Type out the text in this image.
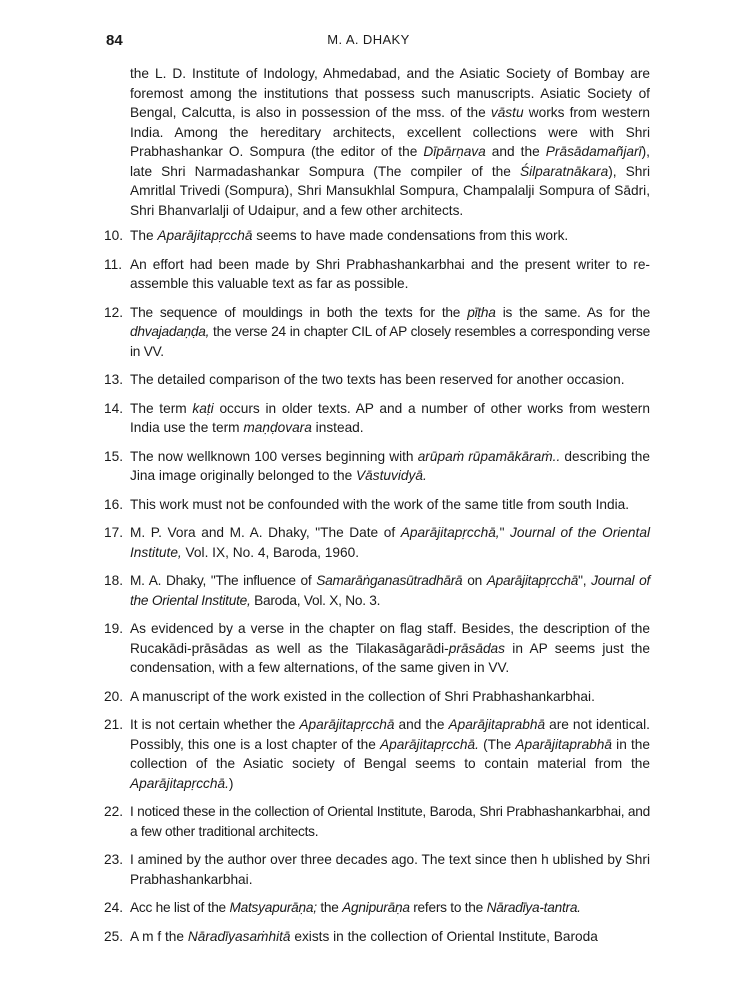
84	M. A. DHAKY

the L. D. Institute of Indology, Ahmedabad, and the Asiatic Society of Bombay are foremost among the institutions that possess such manuscripts. Asiatic Society of Bengal, Calcutta, is also in possession of the mss. of the vāstu works from western India. Among the hereditary architects, excellent collections were with Shri Prabhashankar O. Sompura (the editor of the Dīpārṇava and the Prāsādamañjarī), late Shri Narmadashankar Sompura (The compiler of the Śilparatnākara), Shri Amritlal Trivedi (Sompura), Shri Mansukhlal Sompura, Champalalji Sompura of Sādri, Shri Bhanvarlalji of Udaipur, and a few other architects.

10. The Aparājitapṛcchā seems to have made condensations from this work.
11. An effort had been made by Shri Prabhashankarbhai and the present writer to re-assemble this valuable text as far as possible.
12. The sequence of mouldings in both the texts for the pīṭha is the same. As for the dhvajadaṇḍa, the verse 24 in chapter CIL of AP closely resembles a corresponding verse in VV.
13. The detailed comparison of the two texts has been reserved for another occasion.
14. The term kaṭi occurs in older texts. AP and a number of other works from western India use the term maṇḍovara instead.
15. The now wellknown 100 verses beginning with arūpaṁ rūpamākāraṁ.. describing the Jina image originally belonged to the Vāstuvidyā.
16. This work must not be confounded with the work of the same title from south India.
17. M. P. Vora and M. A. Dhaky, "The Date of Aparājitapṛcchā," Journal of the Oriental Institute, Vol. IX, No. 4, Baroda, 1960.
18. M. A. Dhaky, "The influence of Samarāṅganasūtradhārā on Aparājitapṛcchā", Journal of the Oriental Institute, Baroda, Vol. X, No. 3.
19. As evidenced by a verse in the chapter on flag staff. Besides, the description of the Rucakādi-prāsādas as well as the Tilakasāgarādi-prāsādas in AP seems just the condensation, with a few alternations, of the same given in VV.
20. A manuscript of the work existed in the collection of Shri Prabhashankarbhai.
21. It is not certain whether the Aparājitapṛcchā and the Aparājitaprabhā are not identical. Possibly, this one is a lost chapter of the Aparājitapṛcchā. (The Aparājitaprabhā in the collection of the Asiatic society of Bengal seems to contain material from the Aparājitapṛcchā.)
22. I noticed these in the collection of Oriental Institute, Baroda, Shri Prabhashankarbhai, and a few other traditional architects.
23. I amined by the author over three decades ago. The text since then h ublished by Shri Prabhashankarbhai.
24. Acc he list of the Matsyapurāṇa; the Agnipurāṇa refers to the Nāradīya-tantra.
25. A m f the Nāradīyasaṁhitā exists in the collection of Oriental Institute, Baroda
